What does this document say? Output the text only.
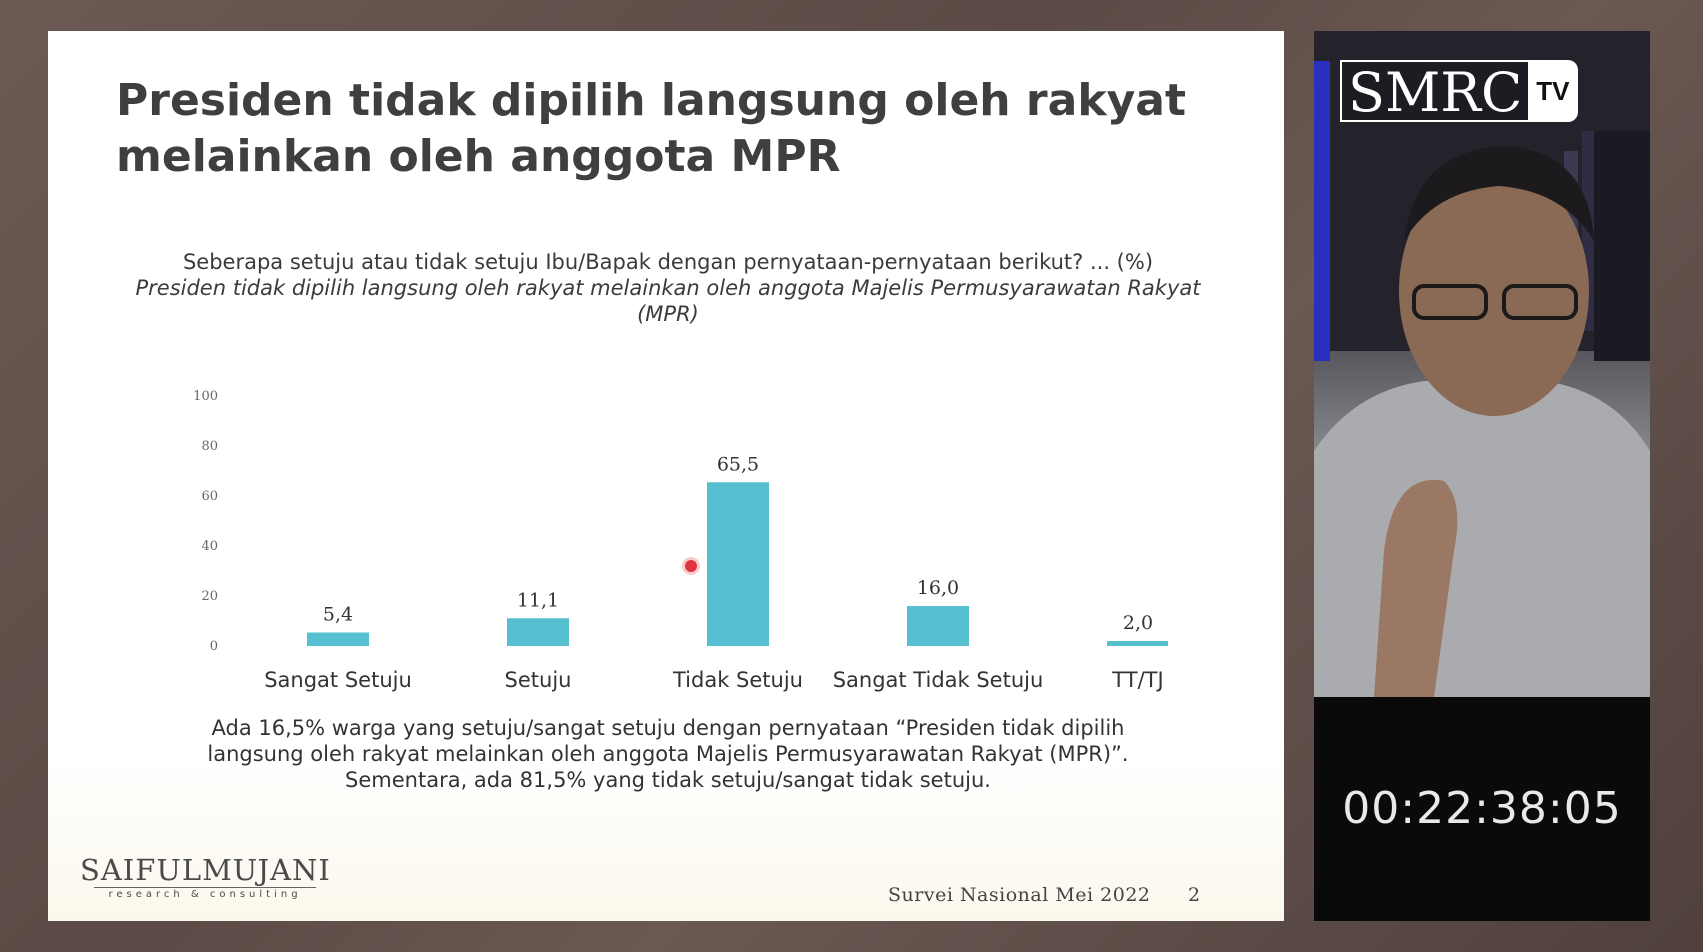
Presiden tidak dipilih langsung oleh rakyat
melainkan oleh anggota MPR
Seberapa setuju atau tidak setuju Ibu/Bapak dengan pernyataan-pernyataan berikut? ... (%)
Presiden tidak dipilih langsung oleh rakyat melainkan oleh anggota Majelis Permusyarawatan Rakyat (MPR)
0
20
40
60
80
100
5,4
Sangat Setuju
11,1
Setuju
65,5
Tidak Setuju
16,0
Sangat Tidak Setuju
2,0
TT/TJ
Ada 16,5% warga yang setuju/sangat setuju dengan pernyataan “Presiden tidak dipilih
langsung oleh rakyat melainkan oleh anggota Majelis Permusyarawatan Rakyat (MPR)”.
Sementara, ada 81,5% yang tidak setuju/sangat tidak setuju.
SAIFULMUJANI
research & consulting	Survei Nasional Mei 2022 2
SMRC TV
00:22:38:05
